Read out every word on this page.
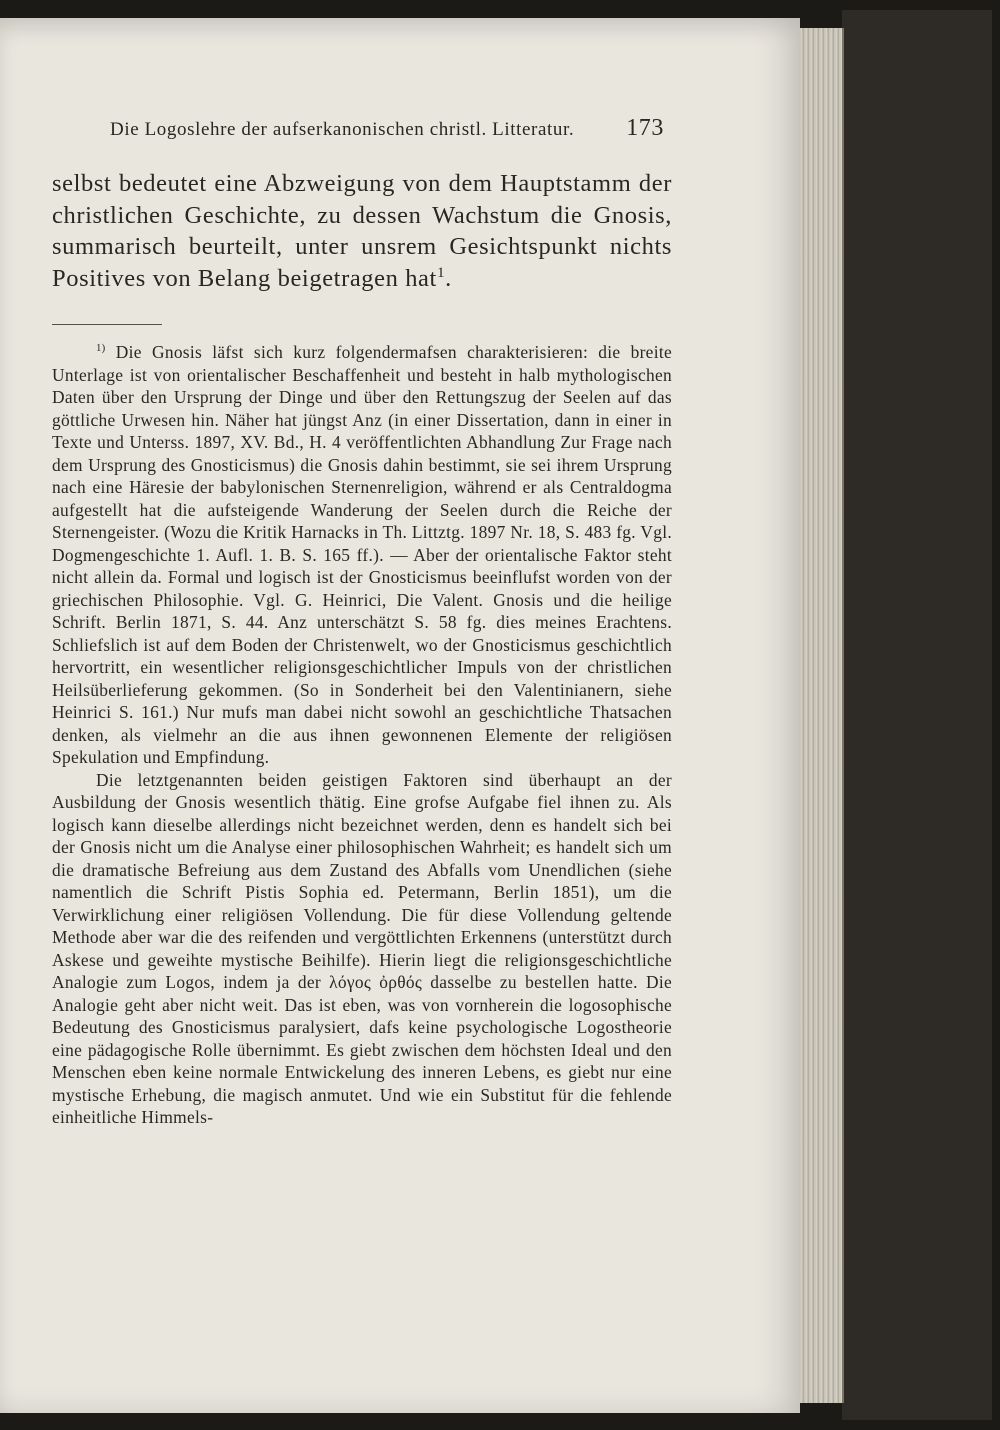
Die Logoslehre der aufserkanonischen christl. Litteratur. 173
selbst bedeutet eine Abzweigung von dem Hauptstamm der christlichen Geschichte, zu dessen Wachstum die Gnosis, summarisch beurteilt, unter unsrem Gesichtspunkt nichts Positives von Belang beigetragen hat$^1$.

$^{1)}$ Die Gnosis läfst sich kurz folgendermafsen charakterisieren: die breite Unterlage ist von orientalischer Beschaffenheit und besteht in halb mythologischen Daten über den Ursprung der Dinge und über den Rettungszug der Seelen auf das göttliche Urwesen hin. Näher hat jüngst Anz (in einer Dissertation, dann in einer in Texte und Unterss. 1897, XV. Bd., H. 4 veröffentlichten Abhandlung Zur Frage nach dem Ursprung des Gnosticismus) die Gnosis dahin bestimmt, sie sei ihrem Ursprung nach eine Häresie der babylonischen Sternenreligion, während er als Centraldogma aufgestellt hat die aufsteigende Wanderung der Seelen durch die Reiche der Sternengeister. (Wozu die Kritik Harnacks in Th. Littztg. 1897 Nr. 18, S. 483 fg. Vgl. Dogmengeschichte 1. Aufl. 1. B. S. 165 ff.). — Aber der orientalische Faktor steht nicht allein da. Formal und logisch ist der Gnosticismus beeinflufst worden von der griechischen Philosophie. Vgl. G. Heinrici, Die Valent. Gnosis und die heilige Schrift. Berlin 1871, S. 44. Anz unterschätzt S. 58 fg. dies meines Erachtens. Schliefslich ist auf dem Boden der Christenwelt, wo der Gnosticismus geschichtlich hervortritt, ein wesentlicher religionsgeschichtlicher Impuls von der christlichen Heilsüberlieferung gekommen. (So in Sonderheit bei den Valentinianern, siehe Heinrici S. 161.) Nur mufs man dabei nicht sowohl an geschichtliche Thatsachen denken, als vielmehr an die aus ihnen gewonnenen Elemente der religiösen Spekulation und Empfindung.

Die letztgenannten beiden geistigen Faktoren sind überhaupt an der Ausbildung der Gnosis wesentlich thätig. Eine grofse Aufgabe fiel ihnen zu. Als logisch kann dieselbe allerdings nicht bezeichnet werden, denn es handelt sich bei der Gnosis nicht um die Analyse einer philosophischen Wahrheit; es handelt sich um die dramatische Befreiung aus dem Zustand des Abfalls vom Unendlichen (siehe namentlich die Schrift Pistis Sophia ed. Petermann, Berlin 1851), um die Verwirklichung einer religiösen Vollendung. Die für diese Vollendung geltende Methode aber war die des reifenden und vergöttlichten Erkennens (unterstützt durch Askese und geweihte mystische Beihilfe). Hierin liegt die religionsgeschichtliche Analogie zum Logos, indem ja der λόγος ὀρθός dasselbe zu bestellen hatte. Die Analogie geht aber nicht weit. Das ist eben, was von vornherein die logosophische Bedeutung des Gnosticismus paralysiert, dafs keine psychologische Logostheorie eine pädagogische Rolle übernimmt. Es giebt zwischen dem höchsten Ideal und den Menschen eben keine normale Entwickelung des inneren Lebens, es giebt nur eine mystische Erhebung, die magisch anmutet. Und wie ein Substitut für die fehlende einheitliche Himmels-
